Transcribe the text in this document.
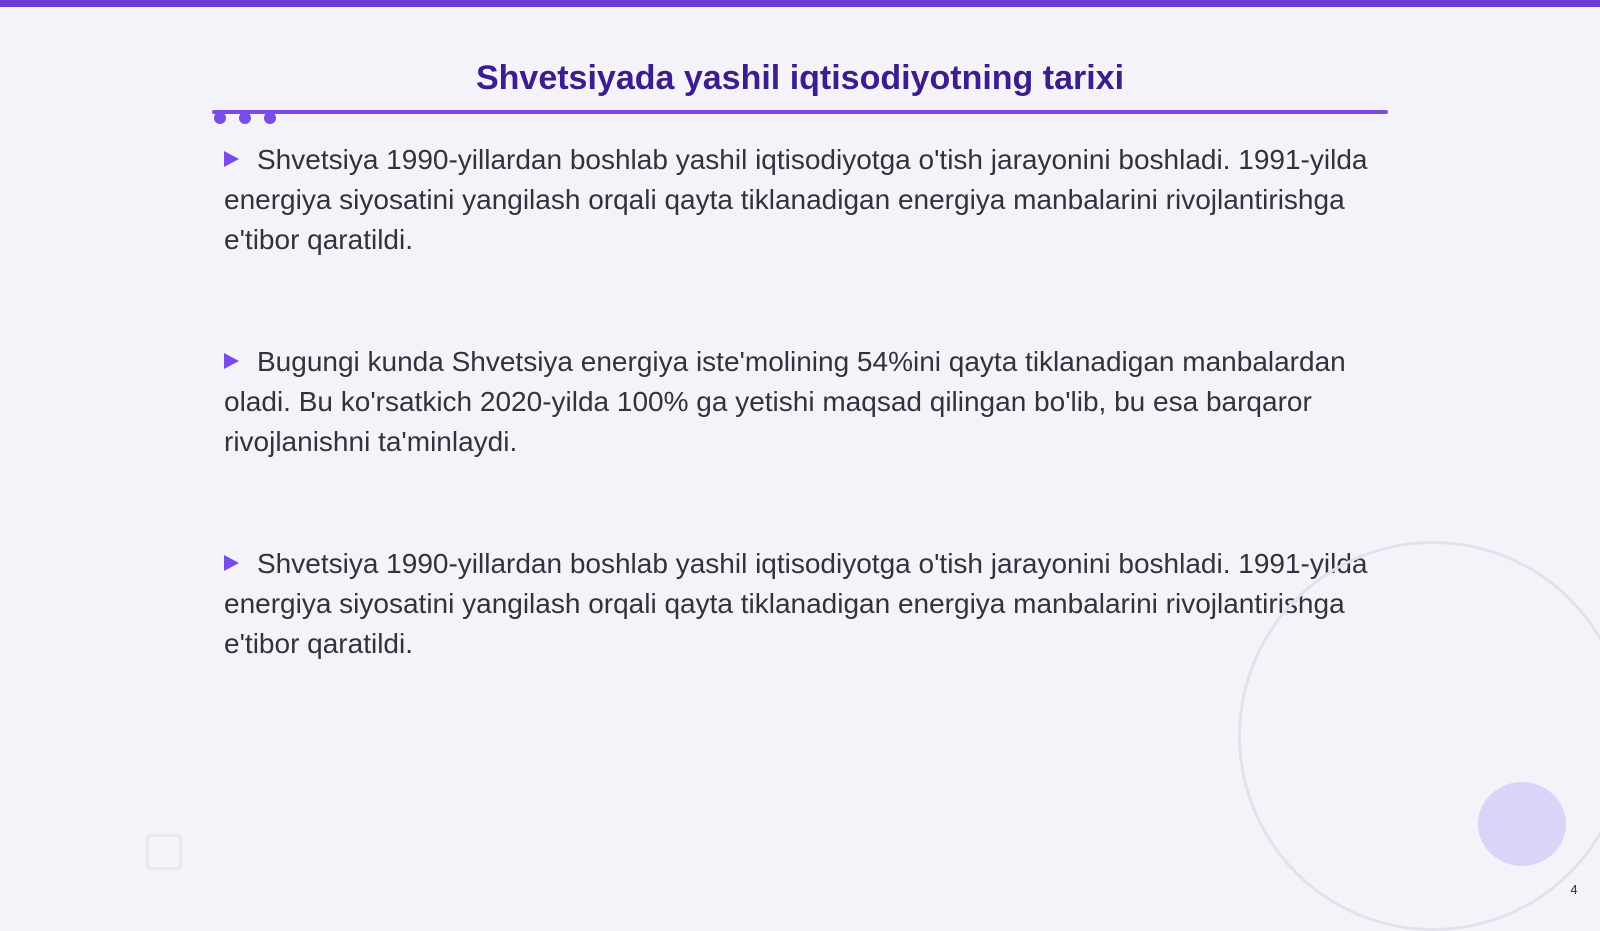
Shvetsiyada yashil iqtisodiyotning tarixi

Shvetsiya 1990-yillardan boshlab yashil iqtisodiyotga o'tish jarayonini boshladi. 1991-yilda energiya siyosatini yangilash orqali qayta tiklanadigan energiya manbalarini rivojlantirishga e'tibor qaratildi.

Bugungi kunda Shvetsiya energiya iste'molining 54%ini qayta tiklanadigan manbalardan oladi. Bu ko'rsatkich 2020-yilda 100% ga yetishi maqsad qilingan bo'lib, bu esa barqaror rivojlanishni ta'minlaydi.

Shvetsiya 1990-yillardan boshlab yashil iqtisodiyotga o'tish jarayonini boshladi. 1991-yilda energiya siyosatini yangilash orqali qayta tiklanadigan energiya manbalarini rivojlantirishga e'tibor qaratildi.

4
